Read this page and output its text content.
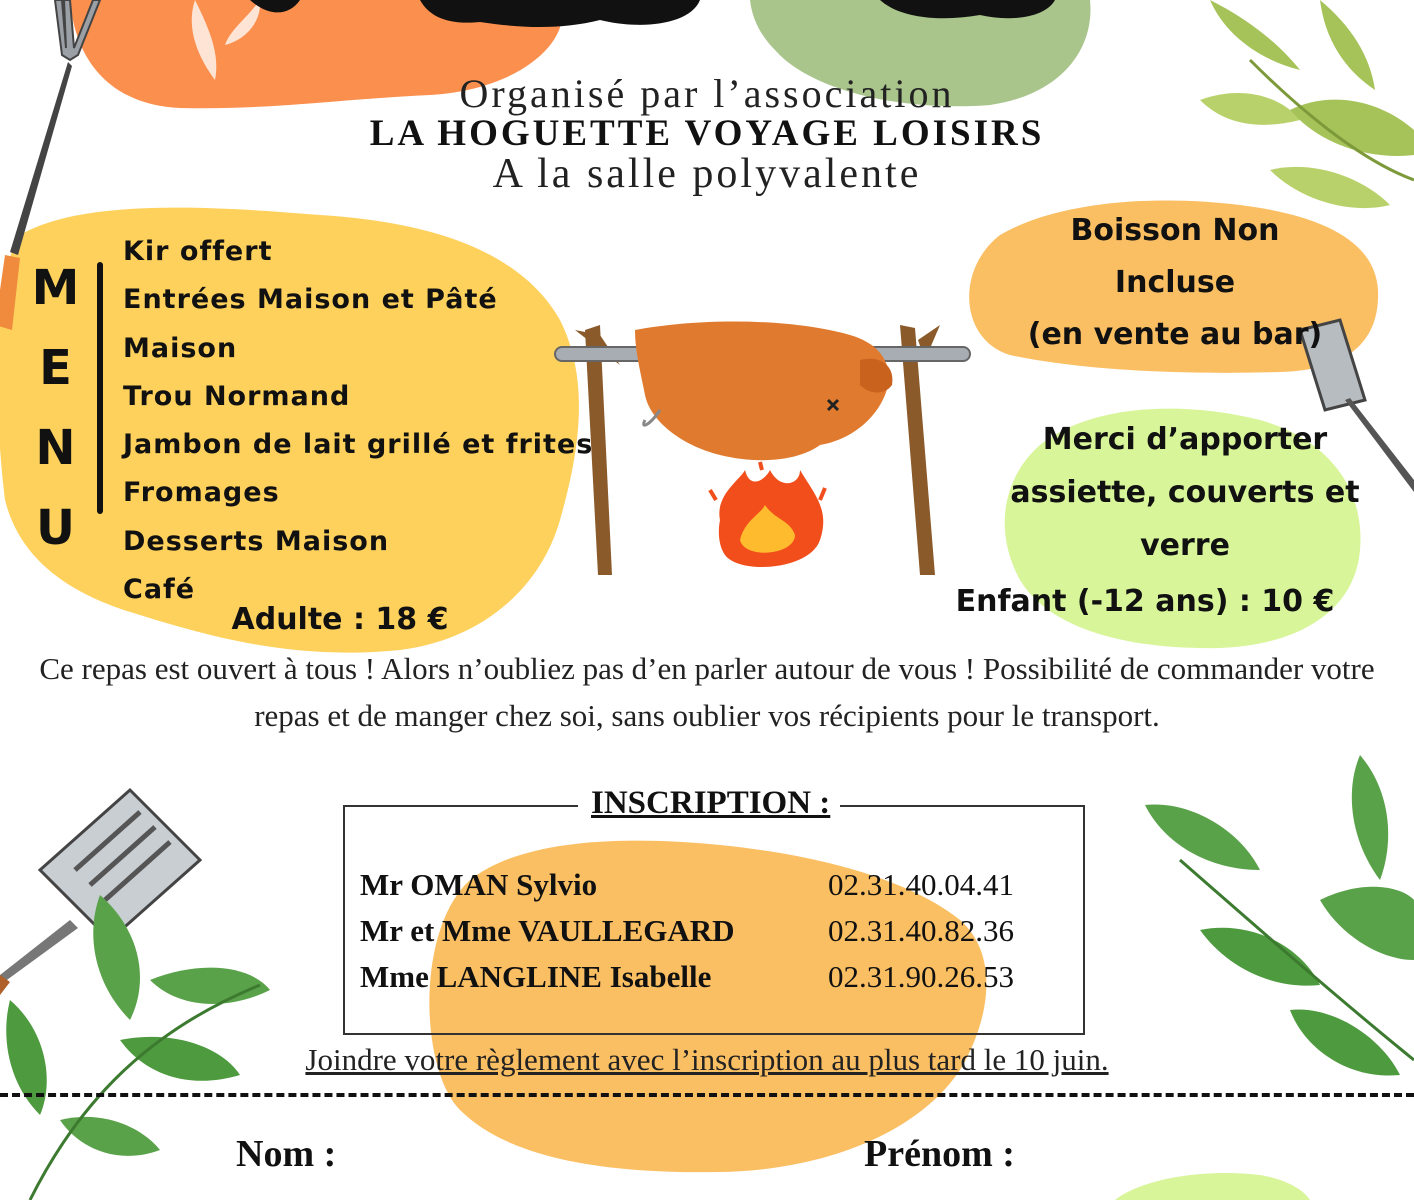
Organisé par l’association
LA HOGUETTE VOYAGE LOISIRS
A la salle polyvalente
M
E
N
U
Kir offert
Entrées Maison et Pâté
Maison
Trou Normand
Jambon de lait grillé et frites
Fromages
Desserts Maison
Café
Adulte : 18 €
Boisson Non
Incluse
(en vente au bar)
Merci d’apporter
assiette, couverts et
verre
Enfant (-12 ans) : 10 €
Ce repas est ouvert à tous ! Alors n’oubliez pas d’en parler autour de vous ! Possibilité de commander votre repas et de manger chez soi, sans oublier vos récipients pour le transport.
INSCRIPTION :
Mr OMAN Sylvio	02.31.40.04.41
Mr et Mme VAULLEGARD	02.31.40.82.36
Mme LANGLINE Isabelle	02.31.90.26.53
Joindre votre règlement avec l’inscription au plus tard le 10 juin.
Nom :	Prénom :
